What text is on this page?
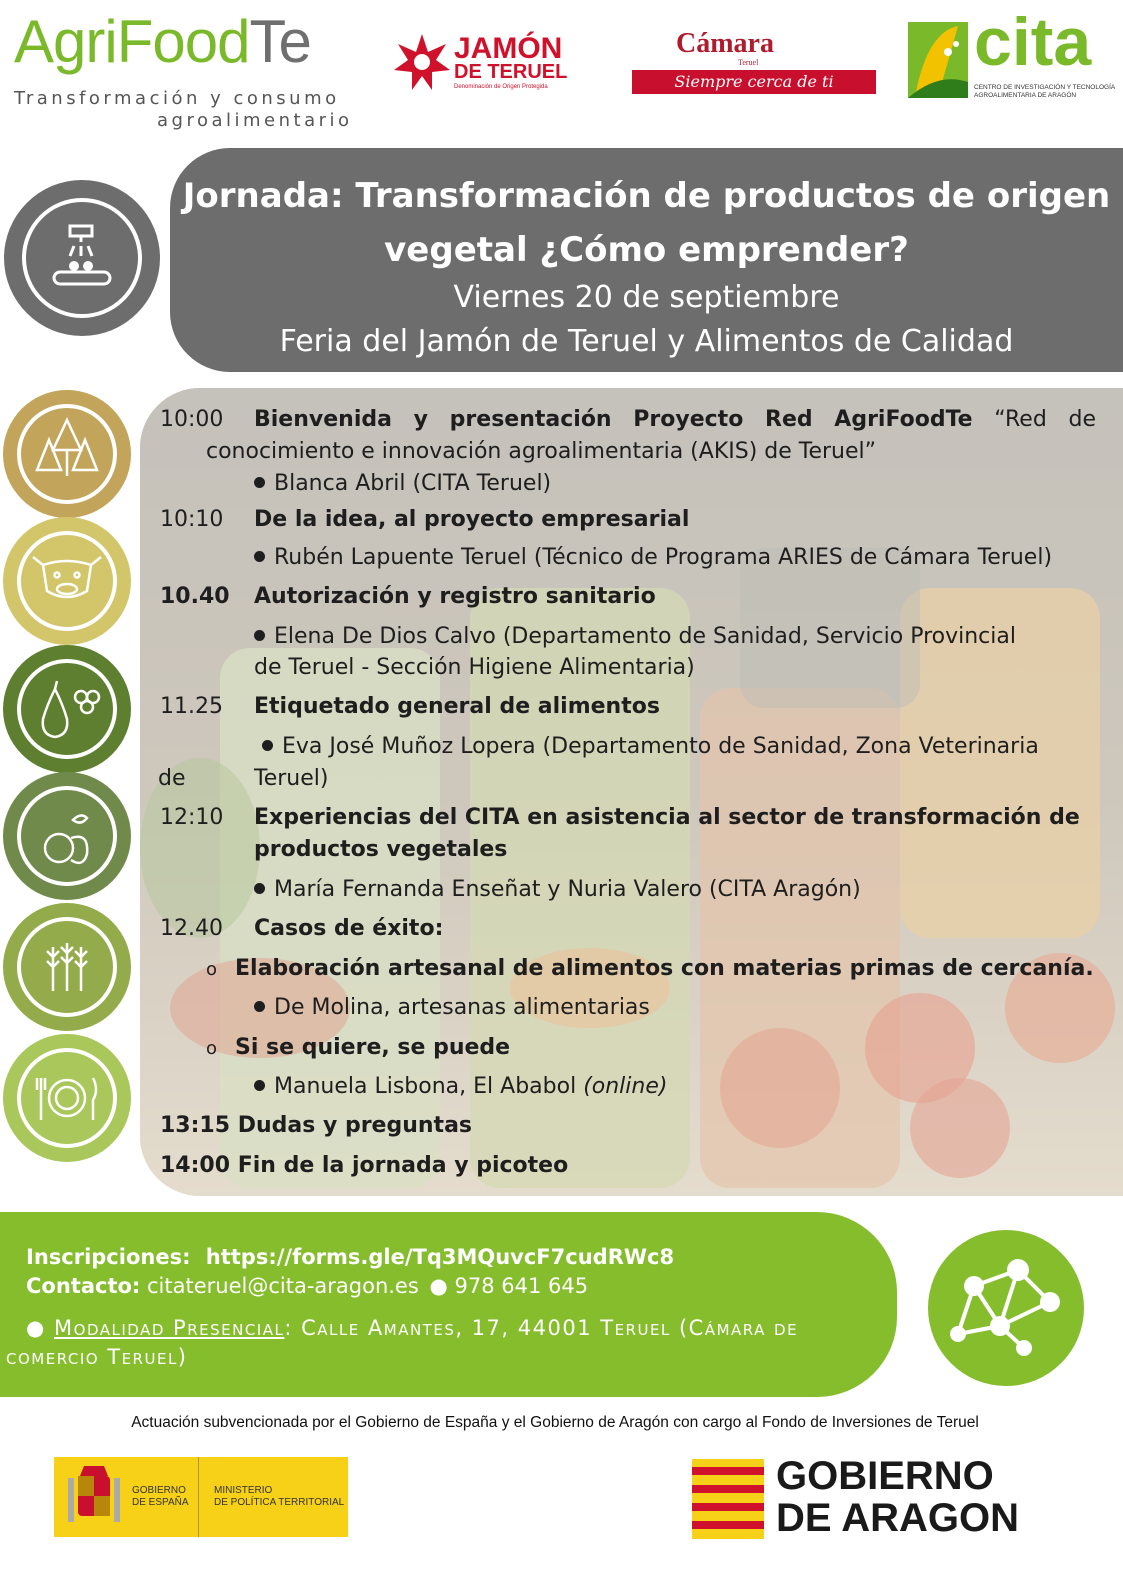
AgriFoodTe
Transformación y consumo
agroalimentario
JAMÓN
DE TERUEL
Denominación de Origen Protegida
Cámara
Teruel
Siempre cerca de ti
cita
CENTRO DE INVESTIGACIÓN Y TECNOLOGÍA
AGROALIMENTARIA DE ARAGÓN
Jornada: Transformación de productos de origen
vegetal ¿Cómo emprender?
Viernes 20 de septiembre
Feria del Jamón de Teruel y Alimentos de Calidad
10:00 Bienvenida y presentación Proyecto Red AgriFoodTe “Red de
conocimiento e innovación agroalimentaria (AKIS) de Teruel”
Blanca Abril (CITA Teruel)
10:10 De la idea, al proyecto empresarial
Rubén Lapuente Teruel (Técnico de Programa ARIES de Cámara Teruel)
10.40 Autorización y registro sanitario
Elena De Dios Calvo (Departamento de Sanidad, Servicio Provincial
de Teruel - Sección Higiene Alimentaria)
11.25 Etiquetado general de alimentos
Eva José Muñoz Lopera (Departamento de Sanidad, Zona Veterinaria
de	Teruel)
12:10 Experiencias del CITA en asistencia al sector de transformación de
productos vegetales
María Fernanda Enseñat y Nuria Valero (CITA Aragón)
12.40 Casos de éxito:
o Elaboración artesanal de alimentos con materias primas de cercanía.
De Molina, artesanas alimentarias
o Si se quiere, se puede
Manuela Lisbona, El Ababol (online)
13:15 Dudas y preguntas
14:00 Fin de la jornada y picoteo
Inscripciones: https://forms.gle/Tq3MQuvcF7cudRWc8
Contacto: citateruel@cita-aragon.es ● 978 641 645
● Modalidad Presencial: Calle Amantes, 17, 44001 Teruel (Cámara de
comercio Teruel)
Actuación subvencionada por el Gobierno de España y el Gobierno de Aragón con cargo al Fondo de Inversiones de Teruel
GOBIERNO
DE ESPAÑA
MINISTERIO
DE POLÍTICA TERRITORIAL
GOBIERNO
DE ARAGON
